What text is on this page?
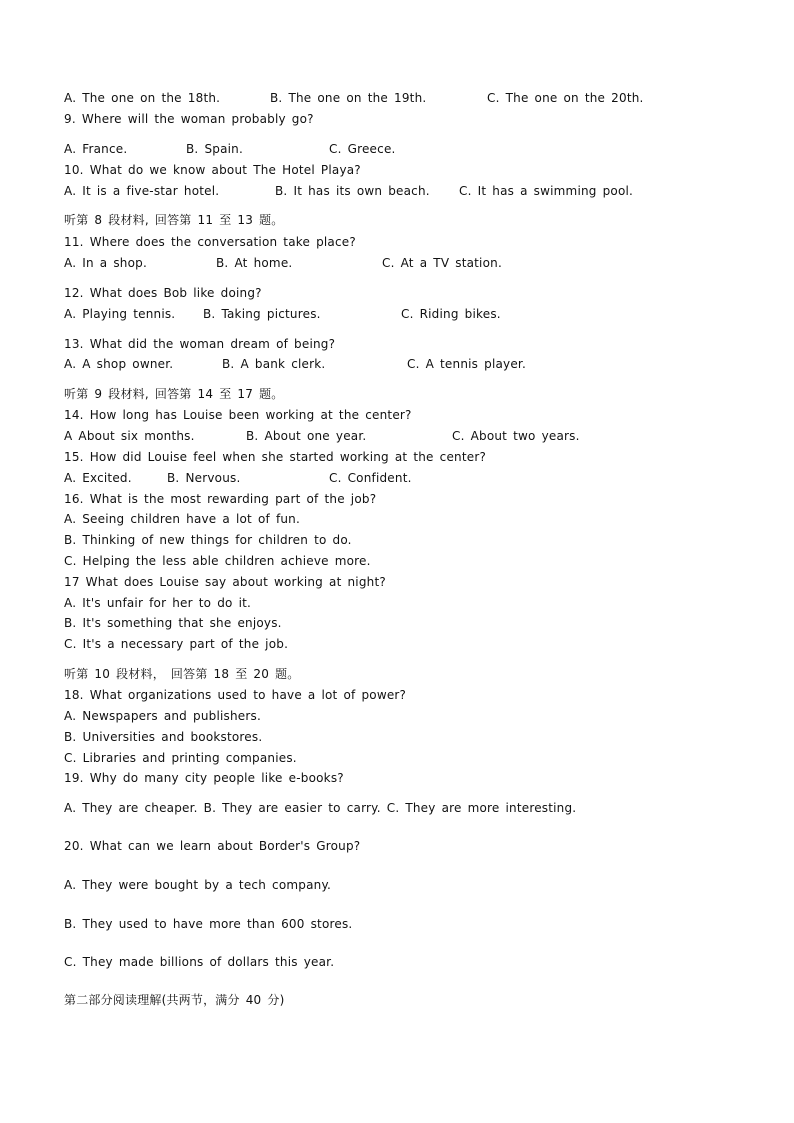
A. The one on the 18th.	B. The one on the 19th.	C. The one on the 20th.
9. Where will the woman probably go?
A. France.	B. Spain.	C. Greece.
10. What do we know about The Hotel Playa?
A. It is a five-star hotel.	B. It has its own beach. C. It has a swimming pool.
听第 8 段材料, 回答第 11 至 13 题。
11. Where does the conversation take place?
A. In a shop.	B. At home.	C. At a TV station.
12. What does Bob like doing?
A. Playing tennis. B. Taking pictures.	C. Riding bikes.
13. What did the woman dream of being?
A. A shop owner.	B. A bank clerk.	C. A tennis player.
听第 9 段材料, 回答第 14 至 17 题。
14. How long has Louise been working at the center?
A About six months.	B. About one year.	C. About two years.
15. How did Louise feel when she started working at the center?
A. Excited.	B. Nervous.	C. Confident.
16. What is the most rewarding part of the job?
A. Seeing children have a lot of fun.
B. Thinking of new things for children to do.
C. Helping the less able children achieve more.
17 What does Louise say about working at night?
A. It's unfair for her to do it.
B. It's something that she enjoys.
C. It's a necessary part of the job.
听第 10 段材料， 回答第 18 至 20 题。
18. What organizations used to have a lot of power?
A. Newspapers and publishers.
B. Universities and bookstores.
C. Libraries and printing companies.
19. Why do many city people like e-books?
A. They are cheaper. B. They are easier to carry. C. They are more interesting.
20. What can we learn about Border's Group?
A. They were bought by a tech company.
B. They used to have more than 600 stores.
C. They made billions of dollars this year.
第二部分阅读理解(共两节，满分 40 分)
